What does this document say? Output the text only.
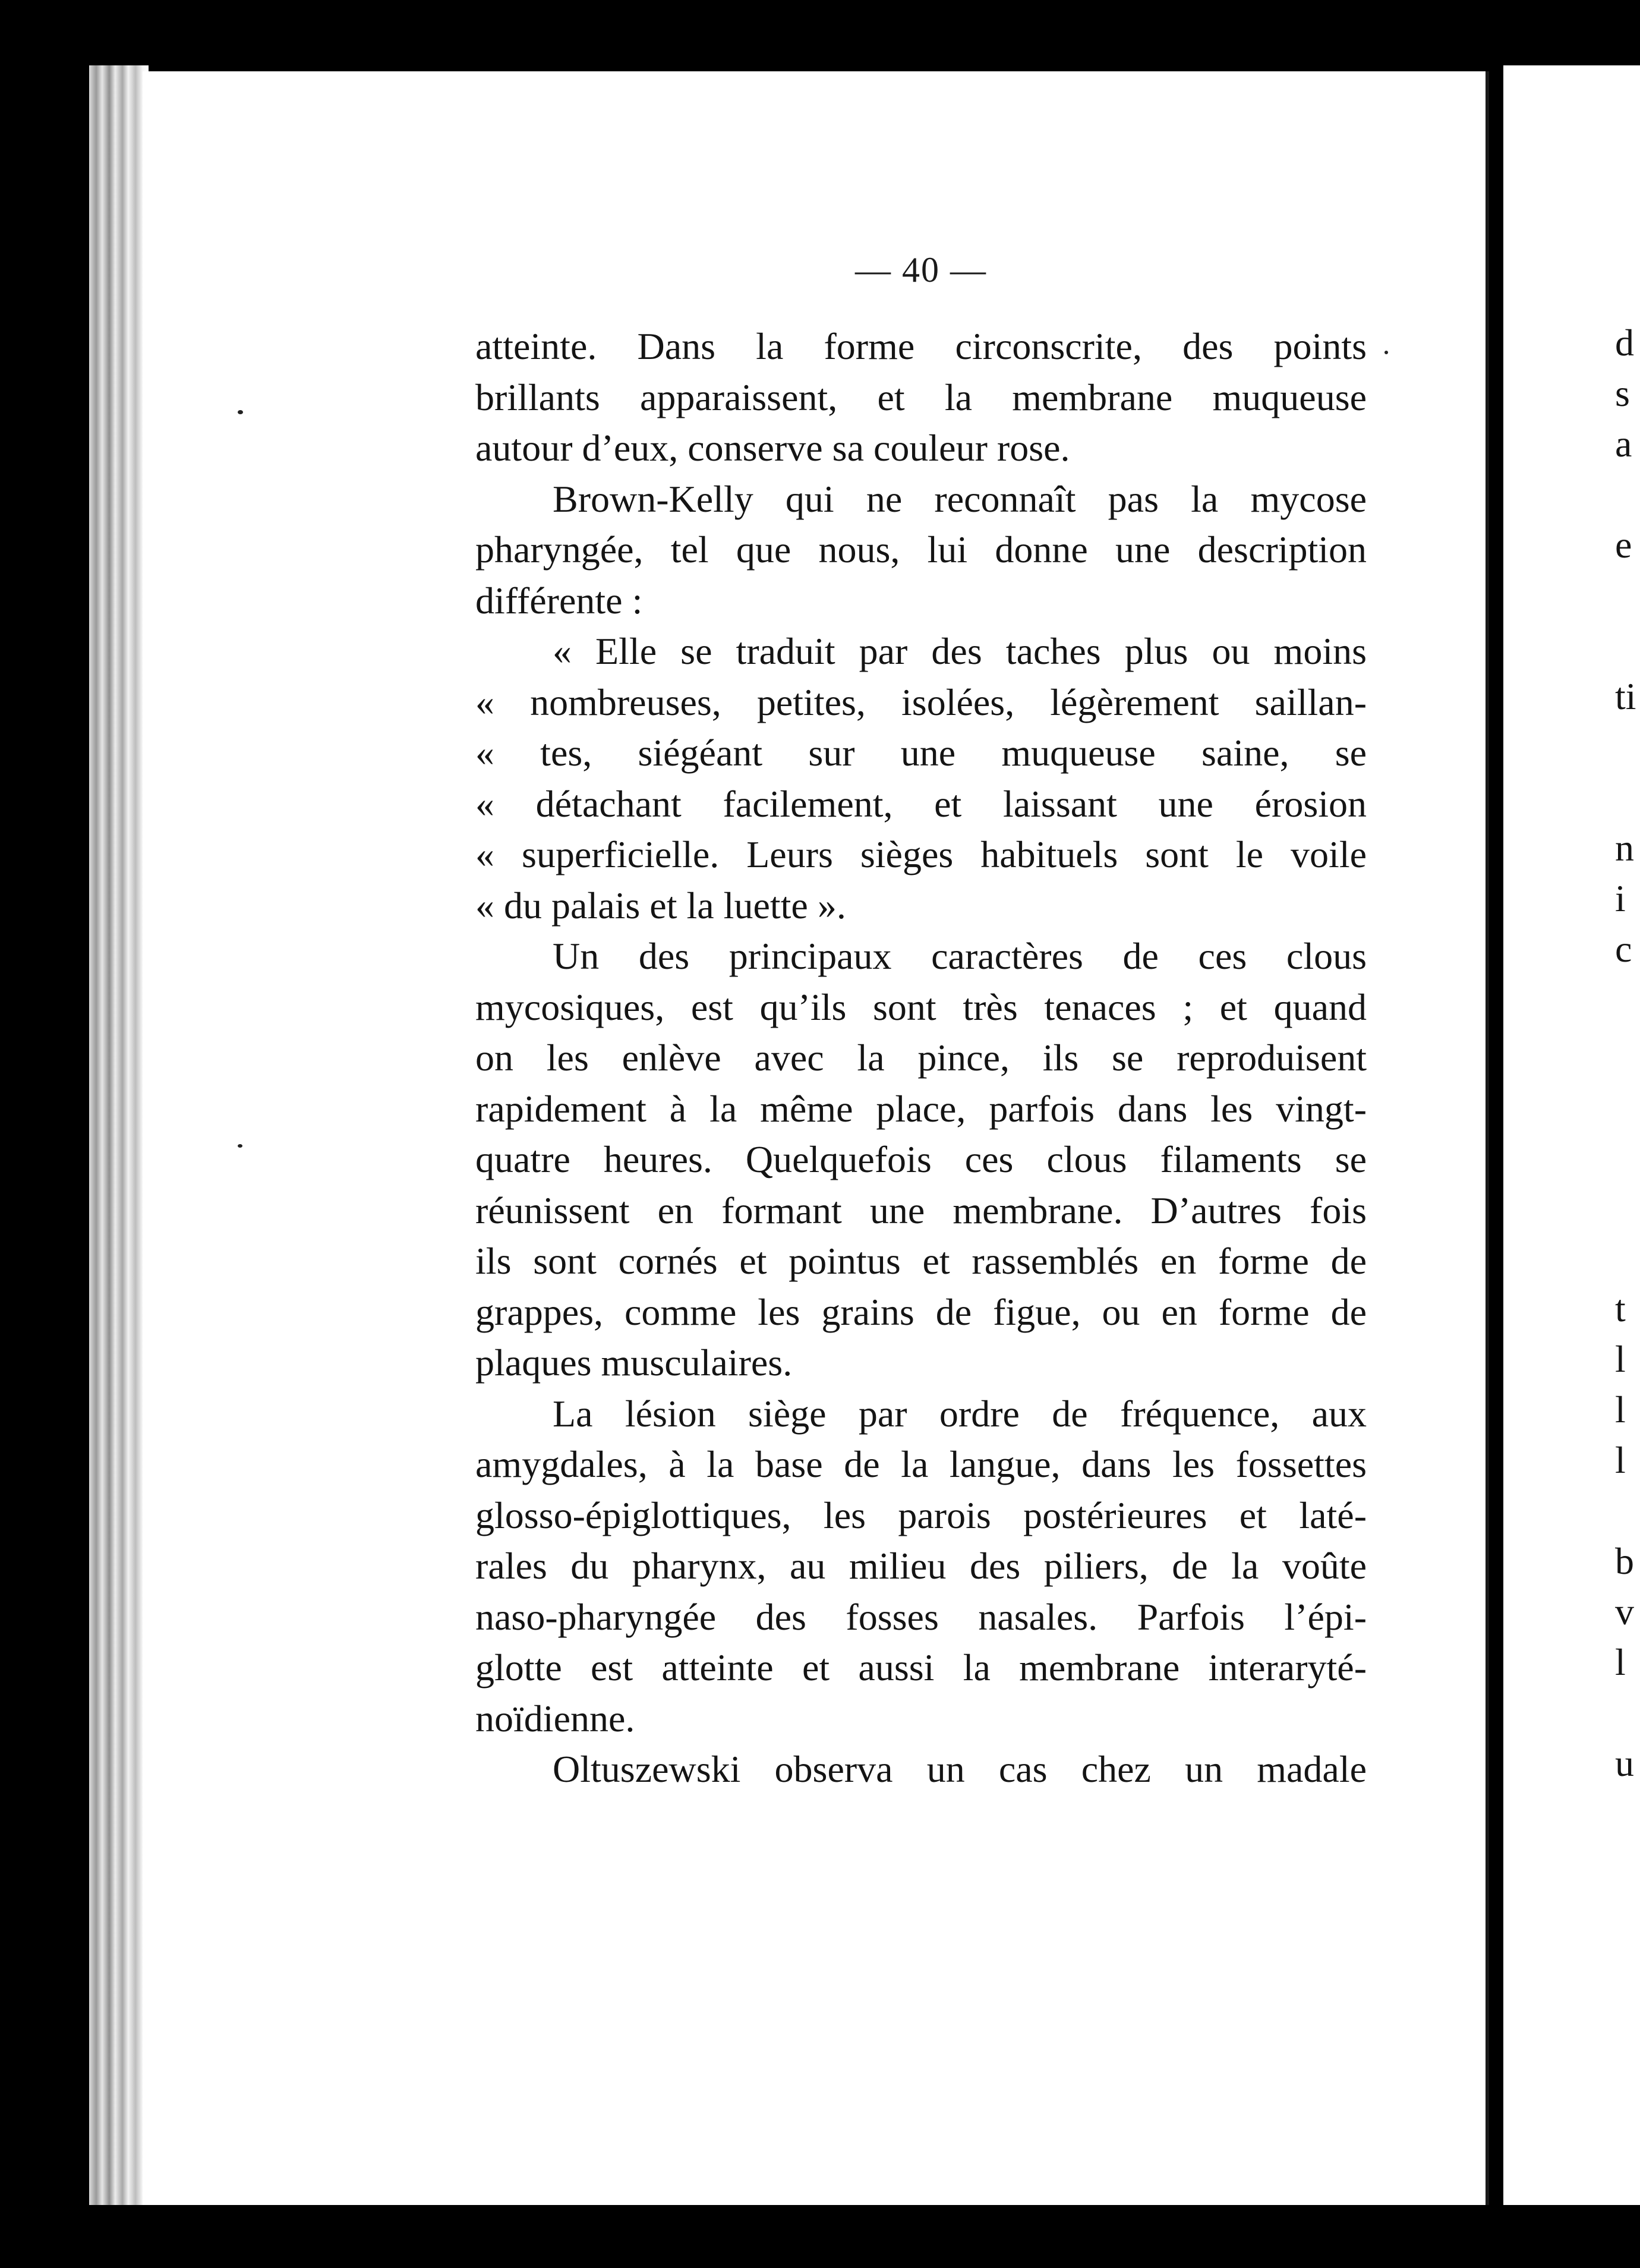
— 40 —
atteinte. Dans la forme circonscrite, des points
brillants apparaissent, et la membrane muqueuse
autour d’eux, conserve sa couleur rose.
Brown-Kelly qui ne reconnaît pas la mycose
pharyngée, tel que nous, lui donne une description
différente :
« Elle se traduit par des taches plus ou moins
« nombreuses, petites, isolées, légèrement saillan-
« tes, siégéant sur une muqueuse saine, se
« détachant facilement, et laissant une érosion
« superficielle. Leurs sièges habituels sont le voile
« du palais et la luette ».
Un des principaux caractères de ces clous
mycosiques, est qu’ils sont très tenaces ; et quand
on les enlève avec la pince, ils se reproduisent
rapidement à la même place, parfois dans les vingt-
quatre heures. Quelquefois ces clous filaments se
réunissent en formant une membrane. D’autres fois
ils sont cornés et pointus et rassemblés en forme de
grappes, comme les grains de figue, ou en forme de
plaques musculaires.
La lésion siège par ordre de fréquence, aux
amygdales, à la base de la langue, dans les fossettes
glosso-épiglottiques, les parois postérieures et laté-
rales du pharynx, au milieu des piliers, de la voûte
naso-pharyngée des fosses nasales. Parfois l’épi-
glotte est atteinte et aussi la membrane interaryté-
noïdienne.
Oltuszewski observa un cas chez un madale
d
s
a
e
ti
n
i
c
t
l
l
l
b
v
l
u
